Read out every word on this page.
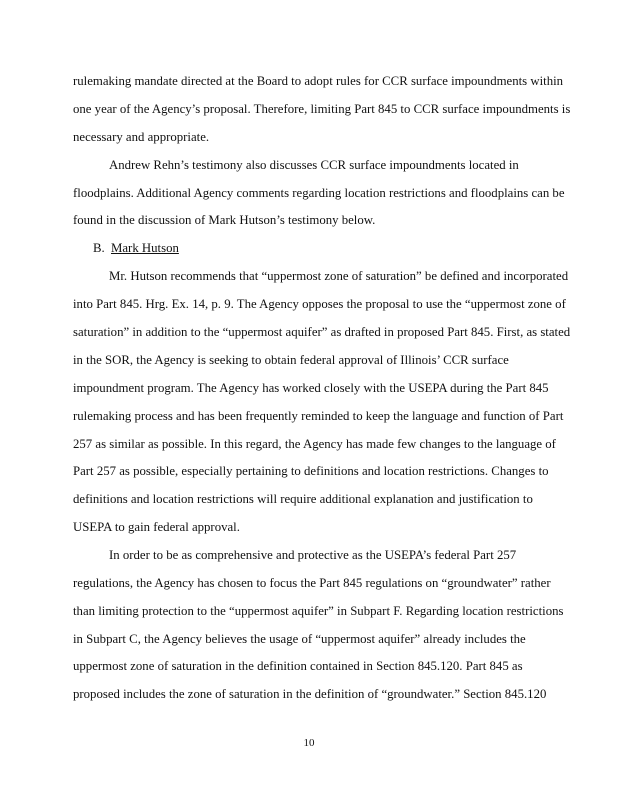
rulemaking mandate directed at the Board to adopt rules for CCR surface impoundments within
one year of the Agency’s proposal. Therefore, limiting Part 845 to CCR surface impoundments is
necessary and appropriate.
Andrew Rehn’s testimony also discusses CCR surface impoundments located in
floodplains. Additional Agency comments regarding location restrictions and floodplains can be
found in the discussion of Mark Hutson’s testimony below.
B. Mark Hutson
Mr. Hutson recommends that “uppermost zone of saturation” be defined and incorporated
into Part 845. Hrg. Ex. 14, p. 9. The Agency opposes the proposal to use the “uppermost zone of
saturation” in addition to the “uppermost aquifer” as drafted in proposed Part 845. First, as stated
in the SOR, the Agency is seeking to obtain federal approval of Illinois’ CCR surface
impoundment program. The Agency has worked closely with the USEPA during the Part 845
rulemaking process and has been frequently reminded to keep the language and function of Part
257 as similar as possible. In this regard, the Agency has made few changes to the language of
Part 257 as possible, especially pertaining to definitions and location restrictions. Changes to
definitions and location restrictions will require additional explanation and justification to
USEPA to gain federal approval.
In order to be as comprehensive and protective as the USEPA’s federal Part 257
regulations, the Agency has chosen to focus the Part 845 regulations on “groundwater” rather
than limiting protection to the “uppermost aquifer” in Subpart F. Regarding location restrictions
in Subpart C, the Agency believes the usage of “uppermost aquifer” already includes the
uppermost zone of saturation in the definition contained in Section 845.120. Part 845 as
proposed includes the zone of saturation in the definition of “groundwater.” Section 845.120
10
